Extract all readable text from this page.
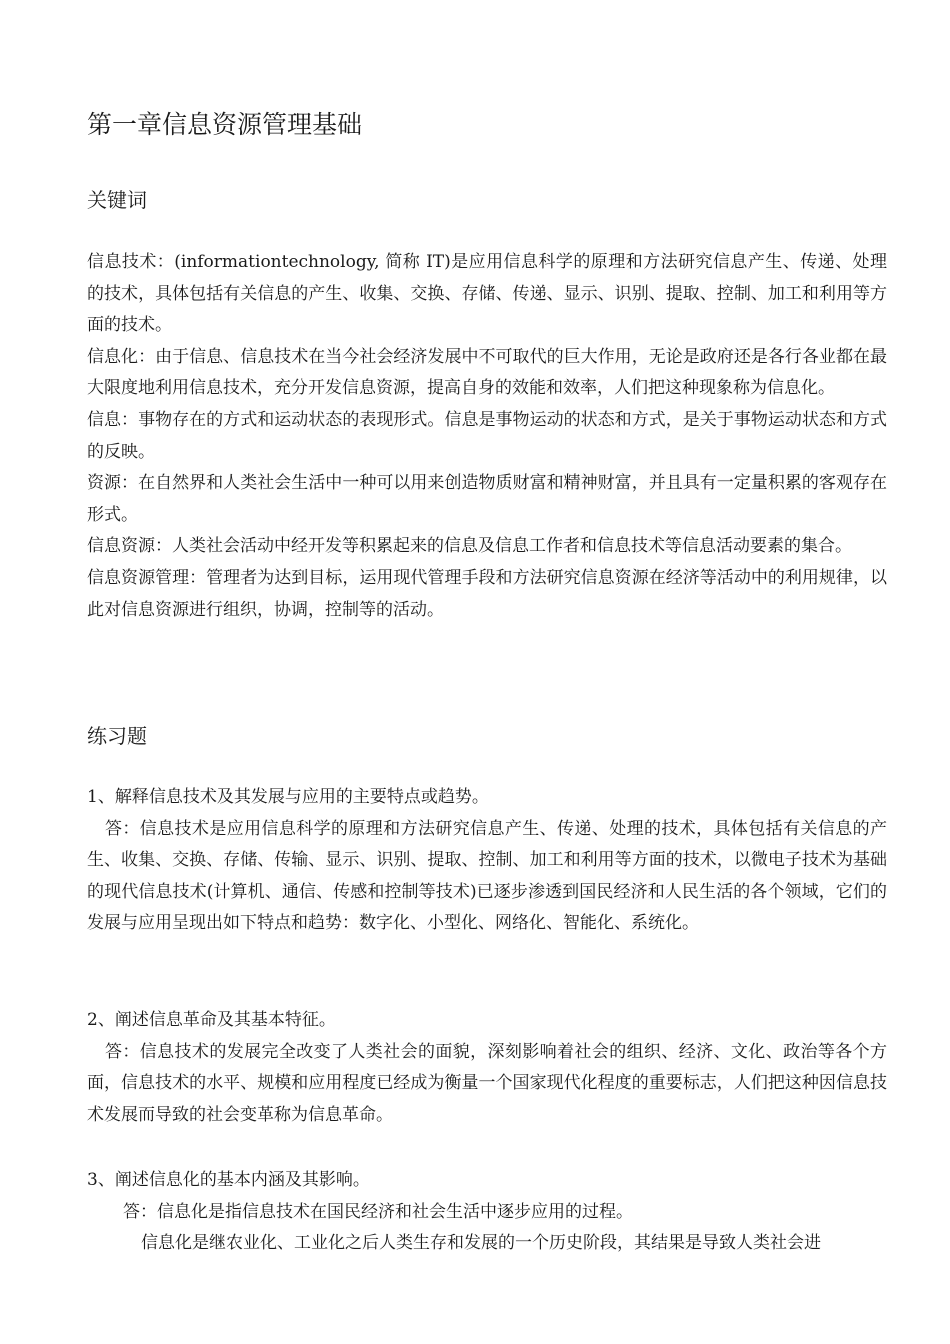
第一章信息资源管理基础
关键词

信息技术：(informationtechnology, 简称 IT)是应用信息科学的原理和方法研究信息产生、传递、处理的技术，具体包括有关信息的产生、收集、交换、存储、传递、显示、识别、提取、控制、加工和利用等方面的技术。

信息化：由于信息、信息技术在当今社会经济发展中不可取代的巨大作用，无论是政府还是各行各业都在最大限度地利用信息技术，充分开发信息资源，提高自身的效能和效率，人们把这种现象称为信息化。

信息：事物存在的方式和运动状态的表现形式。信息是事物运动的状态和方式，是关于事物运动状态和方式的反映。

资源：在自然界和人类社会生活中一种可以用来创造物质财富和精神财富，并且具有一定量积累的客观存在形式。

信息资源：人类社会活动中经开发等积累起来的信息及信息工作者和信息技术等信息活动要素的集合。

信息资源管理：管理者为达到目标，运用现代管理手段和方法研究信息资源在经济等活动中的利用规律，以此对信息资源进行组织，协调，控制等的活动。

练习题

1、解释信息技术及其发展与应用的主要特点或趋势。

答：信息技术是应用信息科学的原理和方法研究信息产生、传递、处理的技术，具体包括有关信息的产生、收集、交换、存储、传输、显示、识别、提取、控制、加工和利用等方面的技术，以微电子技术为基础的现代信息技术(计算机、通信、传感和控制等技术)已逐步渗透到国民经济和人民生活的各个领域，它们的发展与应用呈现出如下特点和趋势：数字化、小型化、网络化、智能化、系统化。

2、阐述信息革命及其基本特征。

答：信息技术的发展完全改变了人类社会的面貌，深刻影响着社会的组织、经济、文化、政治等各个方面，信息技术的水平、规模和应用程度已经成为衡量一个国家现代化程度的重要标志，人们把这种因信息技术发展而导致的社会变革称为信息革命。

3、阐述信息化的基本内涵及其影响。

答：信息化是指信息技术在国民经济和社会生活中逐步应用的过程。

信息化是继农业化、工业化之后人类生存和发展的一个历史阶段，其结果是导致人类社会进
